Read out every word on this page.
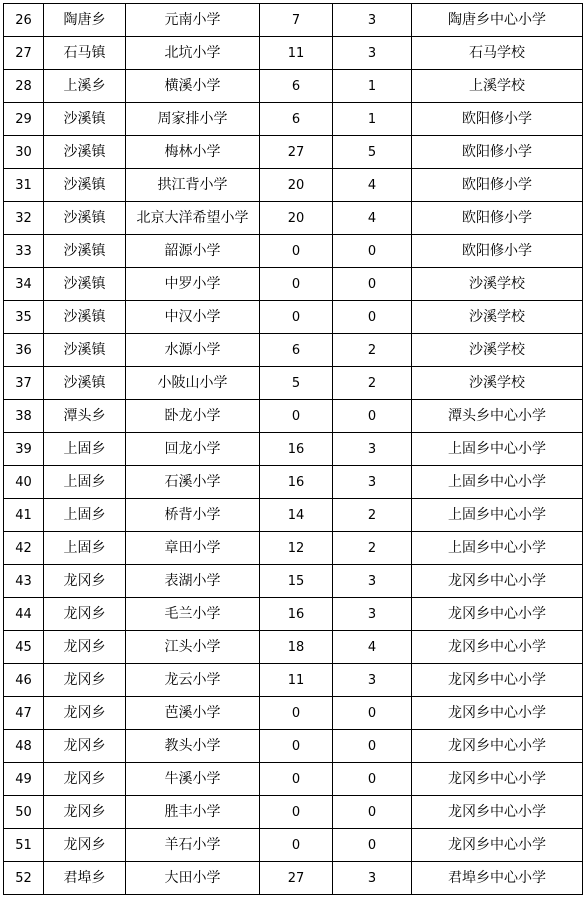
26	陶唐乡	元南小学	7	3	陶唐乡中心小学
27	石马镇	北坑小学	11	3	石马学校
28	上溪乡	横溪小学	6	1	上溪学校
29	沙溪镇	周家排小学	6	1	欧阳修小学
30	沙溪镇	梅林小学	27	5	欧阳修小学
31	沙溪镇	拱江背小学	20	4	欧阳修小学
32	沙溪镇	北京大洋希望小学	20	4	欧阳修小学
33	沙溪镇	韶源小学	0	0	欧阳修小学
34	沙溪镇	中罗小学	0	0	沙溪学校
35	沙溪镇	中汉小学	0	0	沙溪学校
36	沙溪镇	水源小学	6	2	沙溪学校
37	沙溪镇	小陂山小学	5	2	沙溪学校
38	潭头乡	卧龙小学	0	0	潭头乡中心小学
39	上固乡	回龙小学	16	3	上固乡中心小学
40	上固乡	石溪小学	16	3	上固乡中心小学
41	上固乡	桥背小学	14	2	上固乡中心小学
42	上固乡	章田小学	12	2	上固乡中心小学
43	龙冈乡	表湖小学	15	3	龙冈乡中心小学
44	龙冈乡	毛兰小学	16	3	龙冈乡中心小学
45	龙冈乡	江头小学	18	4	龙冈乡中心小学
46	龙冈乡	龙云小学	11	3	龙冈乡中心小学
47	龙冈乡	芭溪小学	0	0	龙冈乡中心小学
48	龙冈乡	教头小学	0	0	龙冈乡中心小学
49	龙冈乡	牛溪小学	0	0	龙冈乡中心小学
50	龙冈乡	胜丰小学	0	0	龙冈乡中心小学
51	龙冈乡	羊石小学	0	0	龙冈乡中心小学
52	君埠乡	大田小学	27	3	君埠乡中心小学
